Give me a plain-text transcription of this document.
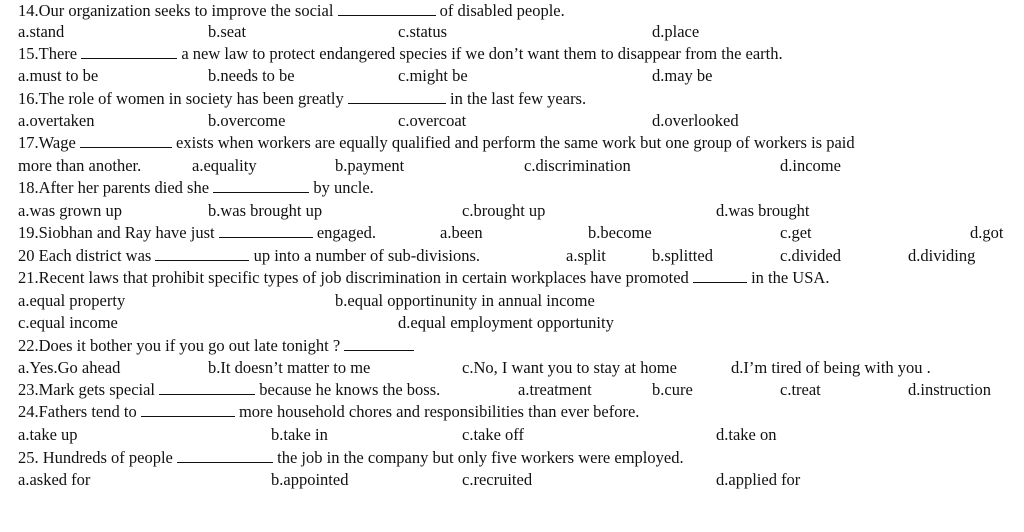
14.Our organization seeks to improve the social	of disabled people.
a.stand	b.seat	c.status	d.place
15.There	a new law to protect endangered species if we don’t want them to disappear from the earth.
a.must to be	b.needs to be	c.might be	d.may be
16.The role of women in society has been greatly	in the last few years.
a.overtaken	b.overcome	c.overcoat	d.overlooked
17.Wage	exists when workers are equally qualified and perform the same work but one group of workers is paid
more than another.	a.equality	b.payment	c.discrimination	d.income
18.After her parents died she	by uncle.
a.was grown up	b.was brought up	c.brought up	d.was brought
19.Siobhan and Ray have just	engaged.	a.been	b.become	c.get	d.got
20 Each district was	up into a number of sub-divisions.	a.split	b.splitted	c.divided	d.dividing
21.Recent laws that prohibit specific types of job discrimination in certain workplaces have promoted	in the USA.
a.equal property	b.equal opportinunity in annual income
c.equal income	d.equal employment opportunity
22.Does it bother you if you go out late tonight ?
a.Yes.Go ahead	b.It doesn’t matter to me	c.No, I want you to stay at home	d.I’m tired of being with you .
23.Mark gets special	because he knows the boss.	a.treatment	b.cure	c.treat	d.instruction
24.Fathers tend to	more household chores and responsibilities than ever before.
a.take up	b.take in	c.take off	d.take on
25. Hundreds of people	the job in the company but only five workers were employed.
a.asked for	b.appointed	c.recruited	d.applied for
